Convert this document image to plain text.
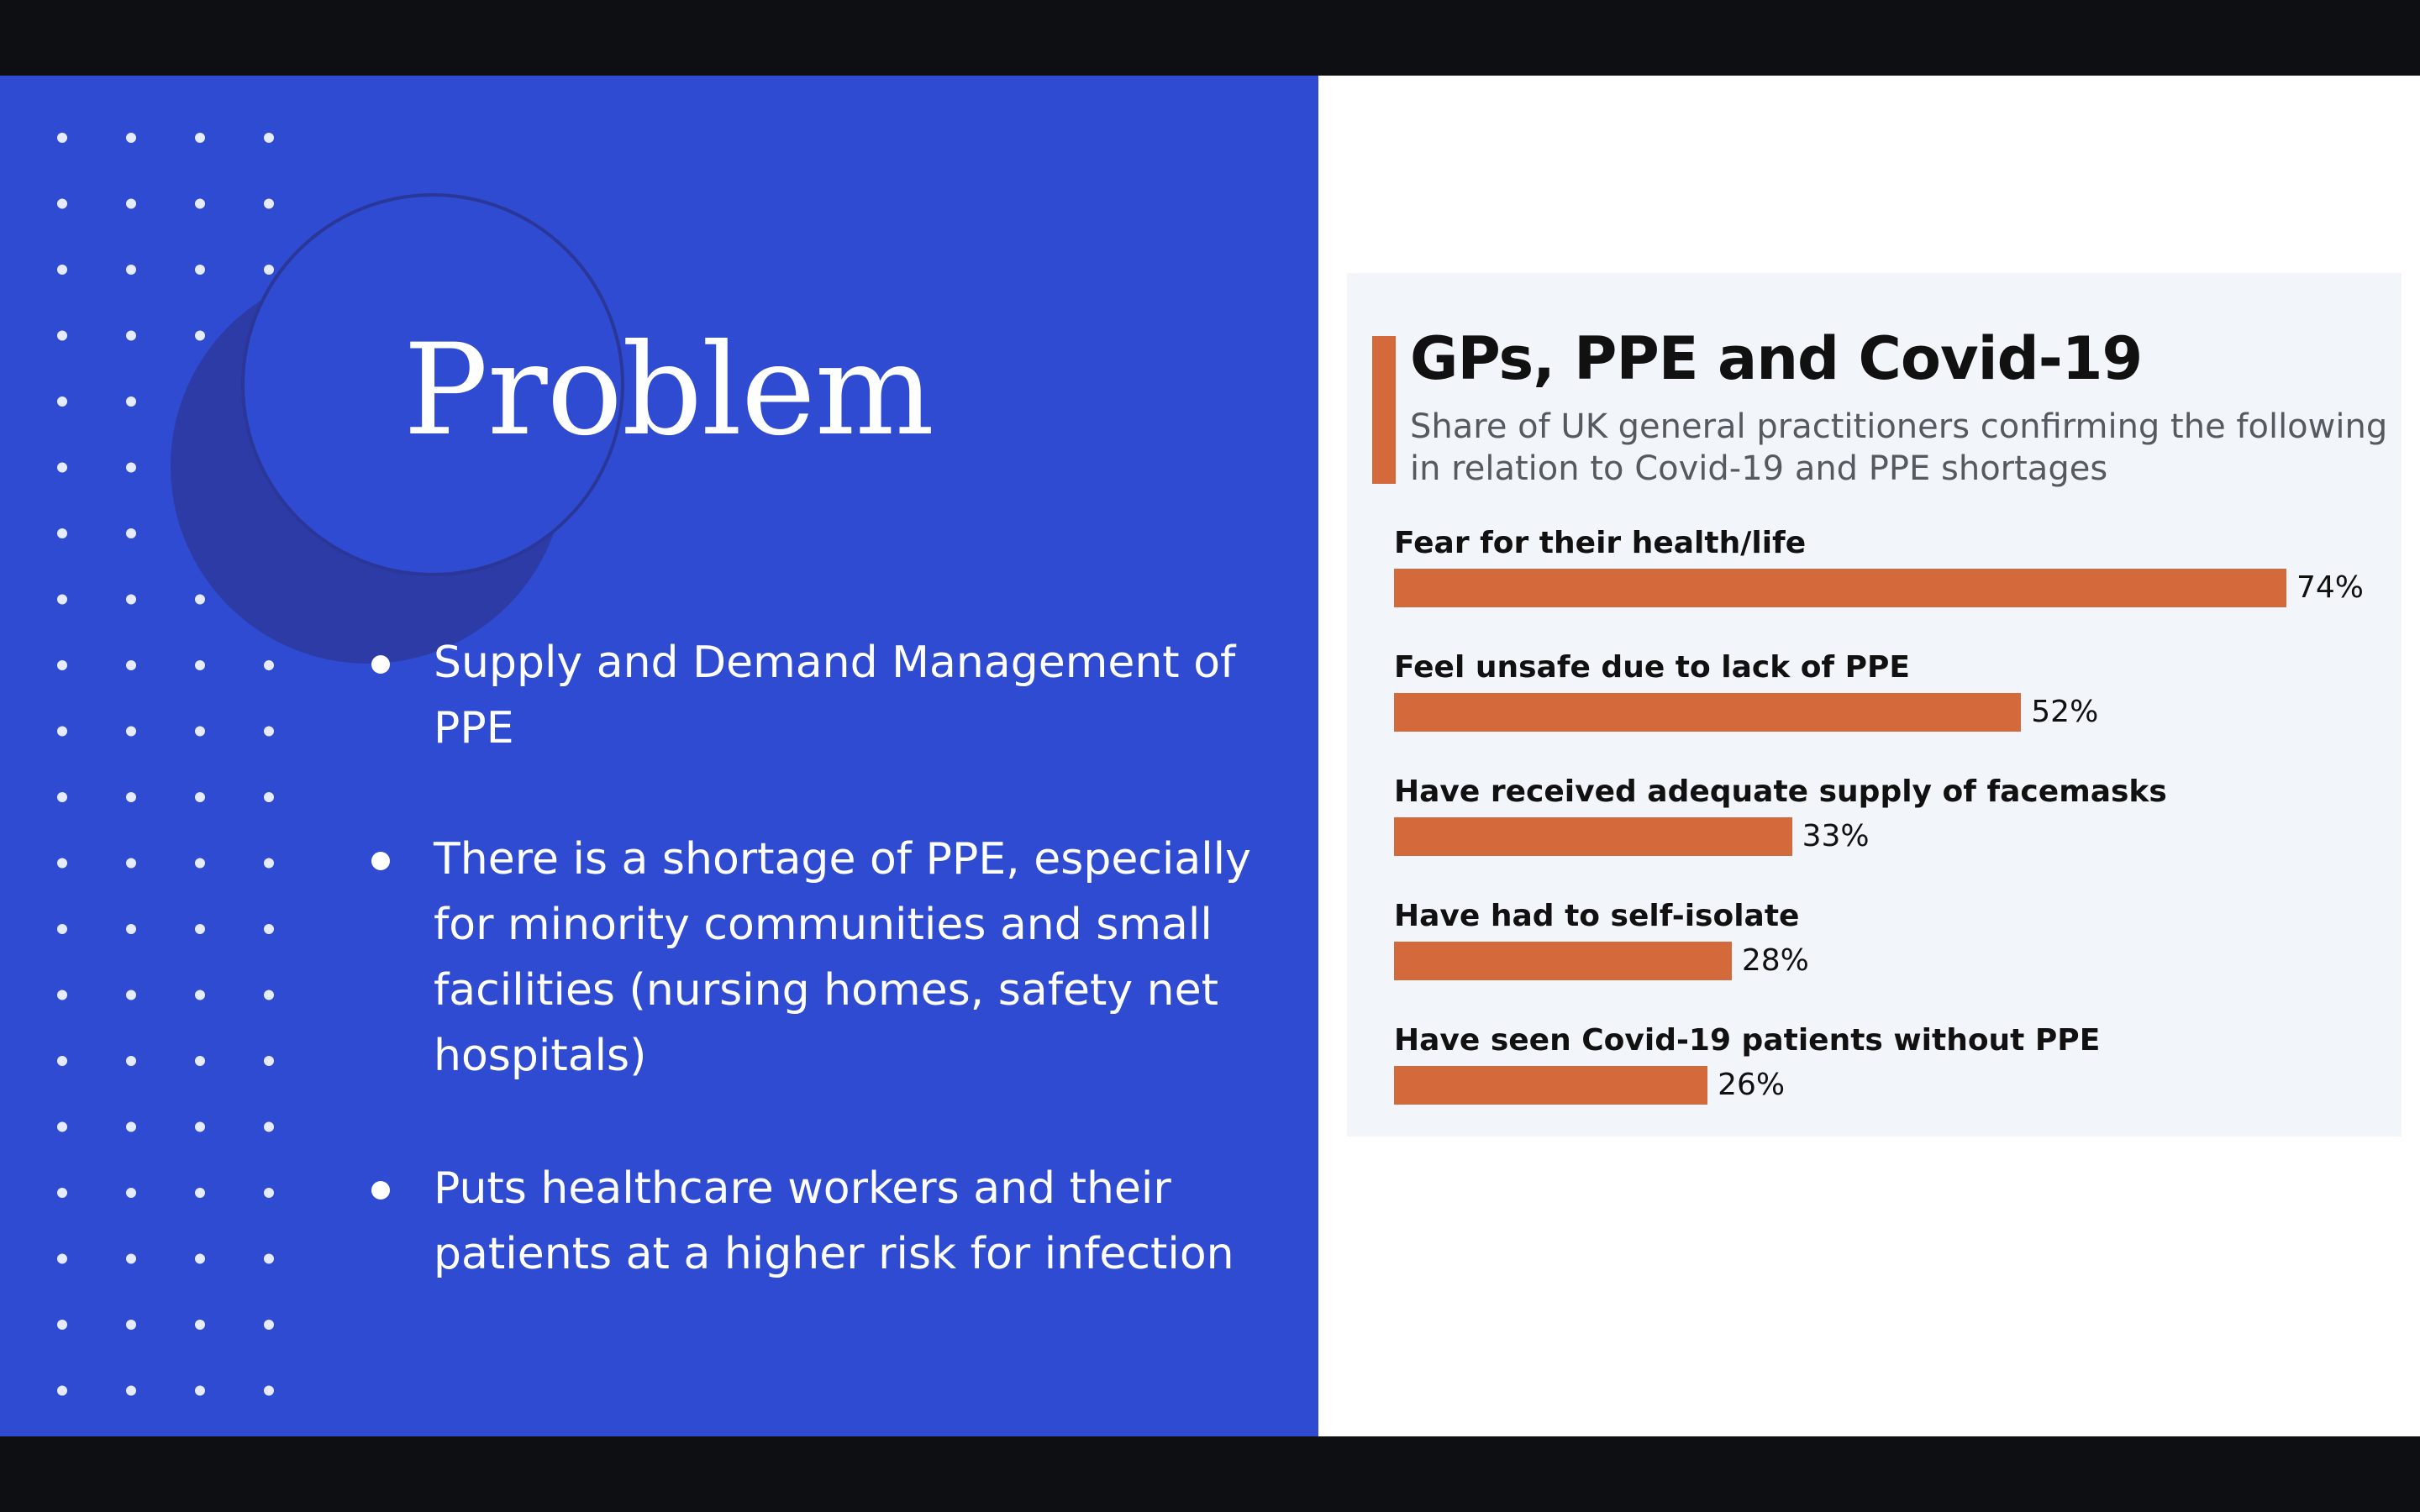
Problem
Supply and Demand Management of PPE
There is a shortage of PPE, especially for minority communities and small facilities (nursing homes, safety net hospitals)
Puts healthcare workers and their patients at a higher risk for infection
GPs, PPE and Covid-19
Share of UK general practitioners confirming the following in relation to Covid-19 and PPE shortages
Fear for their health/life
74%
Feel unsafe due to lack of PPE
52%
Have received adequate supply of facemasks
33%
Have had to self-isolate
28%
Have seen Covid-19 patients without PPE
26%
